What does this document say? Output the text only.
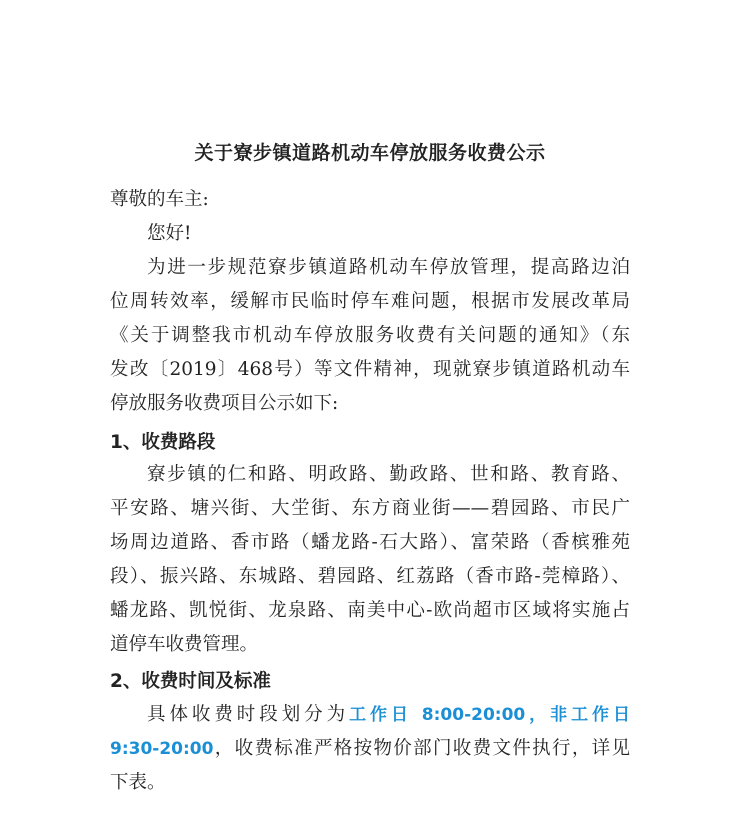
关于寮步镇道路机动车停放服务收费公示
尊敬的车主:
您好!
为进一步规范寮步镇道路机动车停放管理，提高路边泊
位周转效率，缓解市民临时停车难问题，根据市发展改革局
《关于调整我市机动车停放服务收费有关问题的通知》（东
发改〔2019〕468号）等文件精神，现就寮步镇道路机动车
停放服务收费项目公示如下:
1、收费路段
寮步镇的仁和路、明政路、勤政路、世和路、教育路、
平安路、塘兴街、大坣街、东方商业街——碧园路、市民广
场周边道路、香市路（蟠龙路-石大路）、富荣路（香槟雅苑
段）、振兴路、东城路、碧园路、红荔路（香市路-莞樟路）、
蟠龙路、凯悦街、龙泉路、南美中心-欧尚超市区域将实施占
道停车收费管理。
2、收费时间及标准
具体收费时段划分为工作日 8:00-20:00，非工作日
9:30-20:00，收费标准严格按物价部门收费文件执行，详见
下表。
